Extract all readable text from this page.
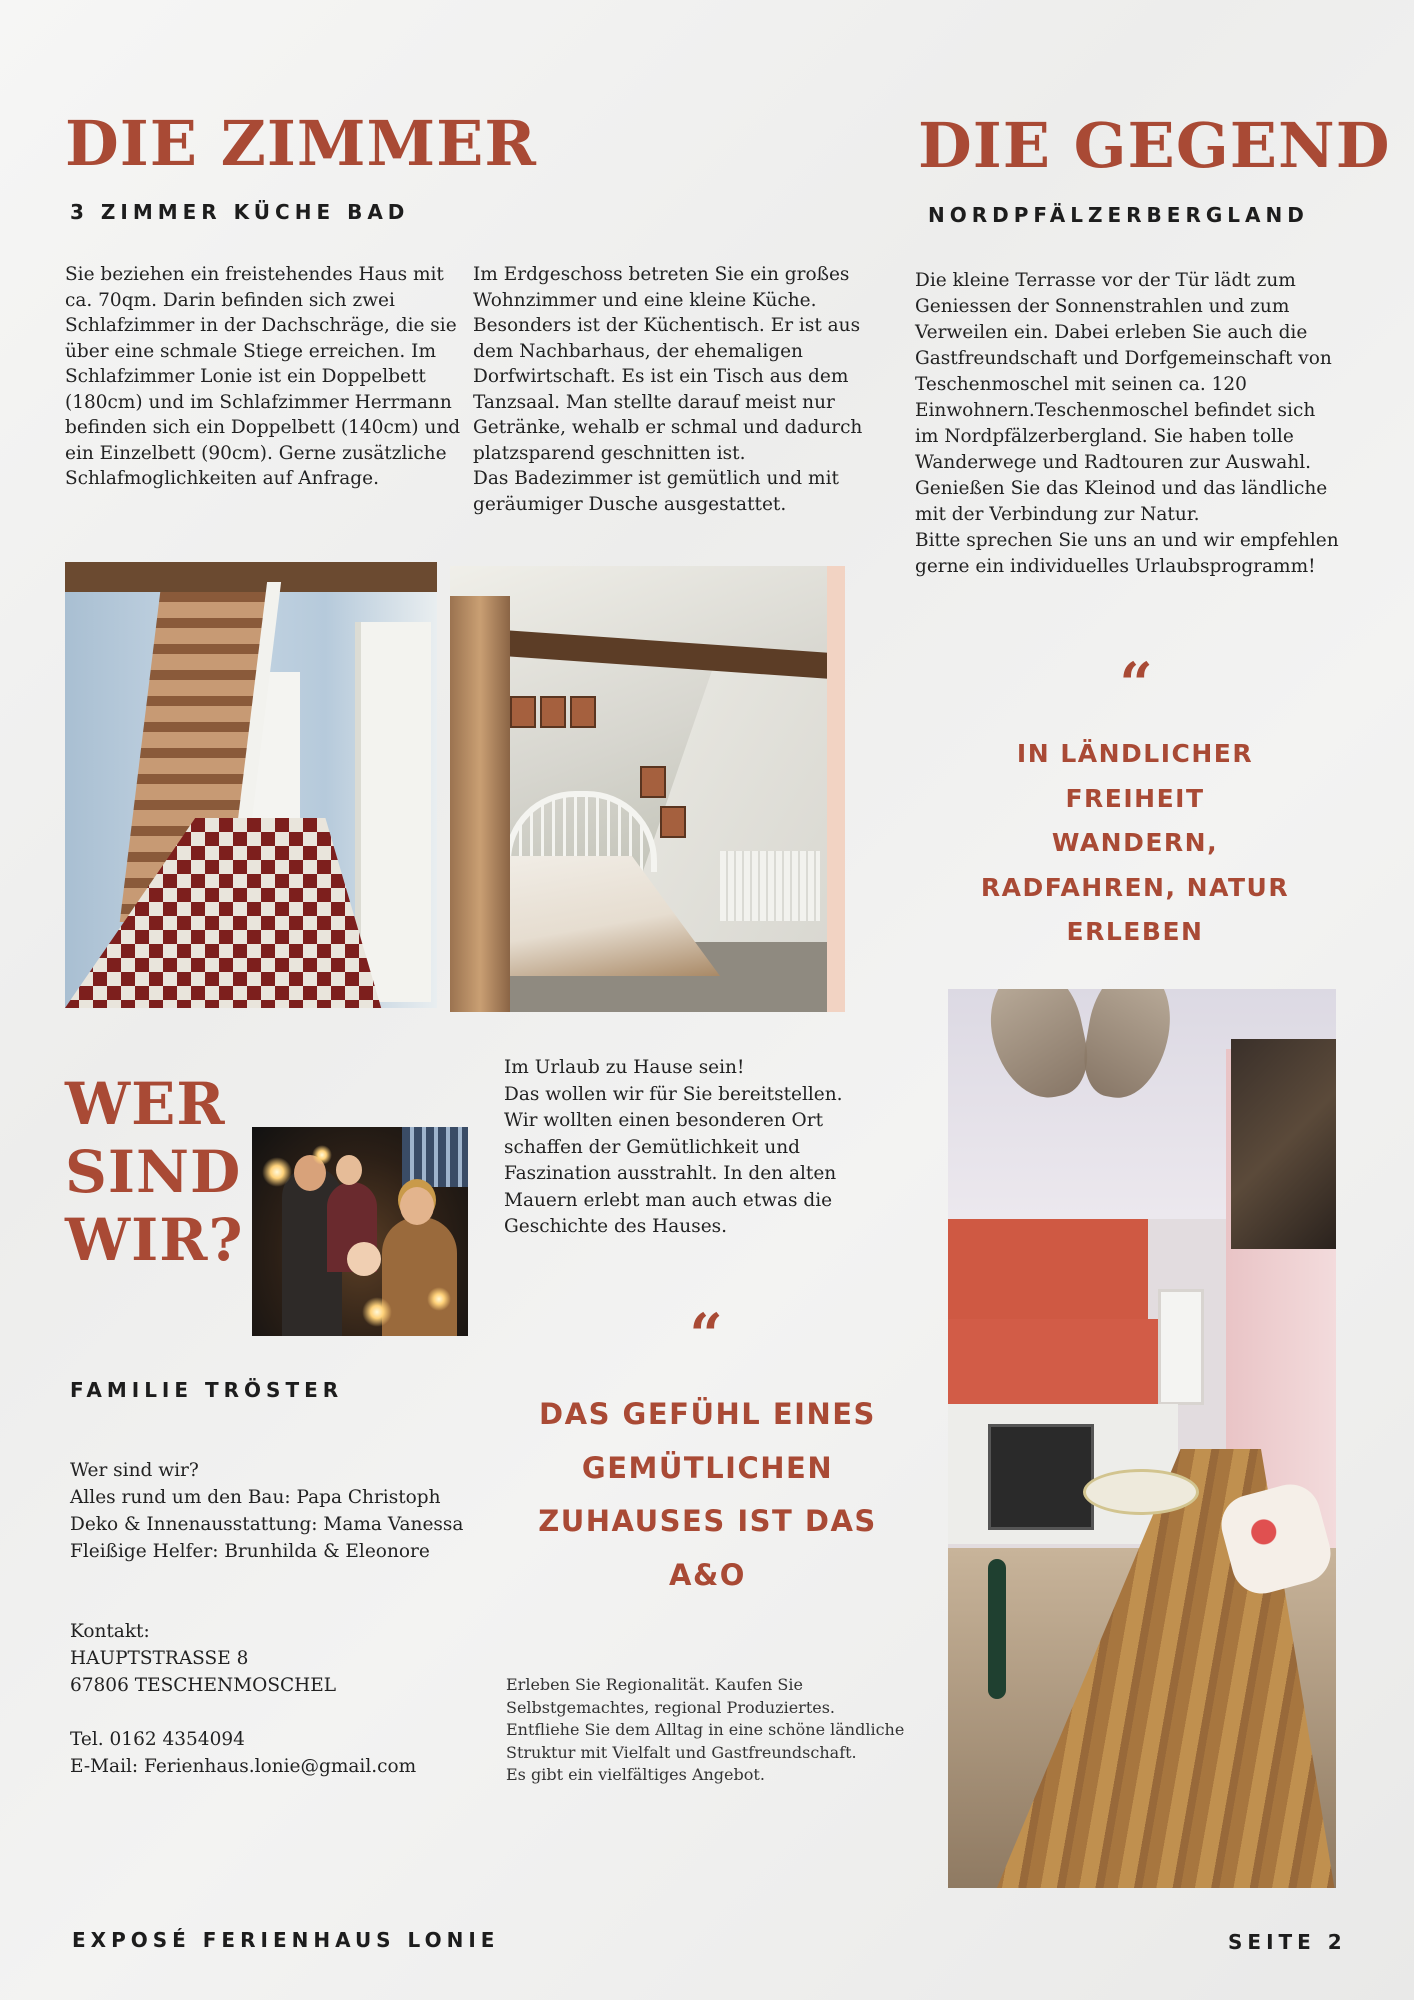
DIE ZIMMER

3 ZIMMER KÜCHE BAD

Sie beziehen ein freistehendes Haus mit
ca. 70qm. Darin befinden sich zwei
Schlafzimmer in der Dachschräge, die sie
über eine schmale Stiege erreichen. Im
Schlafzimmer Lonie ist ein Doppelbett
(180cm) und im Schlafzimmer Herrmann
befinden sich ein Doppelbett (140cm) und
ein Einzelbett (90cm). Gerne zusätzliche
Schlafmoglichkeiten auf Anfrage.

Im Erdgeschoss betreten Sie ein großes
Wohnzimmer und eine kleine Küche.
Besonders ist der Küchentisch. Er ist aus
dem Nachbarhaus, der ehemaligen
Dorfwirtschaft. Es ist ein Tisch aus dem
Tanzsaal. Man stellte darauf meist nur
Getränke, wehalb er schmal und dadurch
platzsparend geschnitten ist.
Das Badezimmer ist gemütlich und mit
geräumiger Dusche ausgestattet.

DIE GEGEND

NORDPFÄLZERBERGLAND

Die kleine Terrasse vor der Tür lädt zum
Geniessen der Sonnenstrahlen und zum
Verweilen ein. Dabei erleben Sie auch die
Gastfreundschaft und Dorfgemeinschaft von
Teschenmoschel mit seinen ca. 120
Einwohnern.Teschenmoschel befindet sich
im Nordpfälzerbergland. Sie haben tolle
Wanderwege und Radtouren zur Auswahl.
Genießen Sie das Kleinod und das ländliche
mit der Verbindung zur Natur.
Bitte sprechen Sie uns an und wir empfehlen
gerne ein individuelles Urlaubsprogramm!

“

IN LÄNDLICHER
FREIHEIT
WANDERN,
RADFAHREN, NATUR
ERLEBEN

WER
SIND
WIR?

Im Urlaub zu Hause sein!
Das wollen wir für Sie bereitstellen.
Wir wollten einen besonderen Ort
schaffen der Gemütlichkeit und
Faszination ausstrahlt. In den alten
Mauern erlebt man auch etwas die
Geschichte des Hauses.

FAMILIE TRÖSTER

Wer sind wir?
Alles rund um den Bau: Papa Christoph
Deko & Innenausstattung: Mama Vanessa
Fleißige Helfer: Brunhilda & Eleonore

Kontakt:
HAUPTSTRASSE 8
67806 TESCHENMOSCHEL

Tel. 0162 4354094
E-Mail: Ferienhaus.lonie@gmail.com

“

DAS GEFÜHL EINES
GEMÜTLICHEN
ZUHAUSES IST DAS
A&O

Erleben Sie Regionalität. Kaufen Sie
Selbstgemachtes, regional Produziertes.
Entfliehe Sie dem Alltag in eine schöne ländliche
Struktur mit Vielfalt und Gastfreundschaft.
Es gibt ein vielfältiges Angebot.

EXPOSÉ FERIENHAUS LONIE	SEITE 2
